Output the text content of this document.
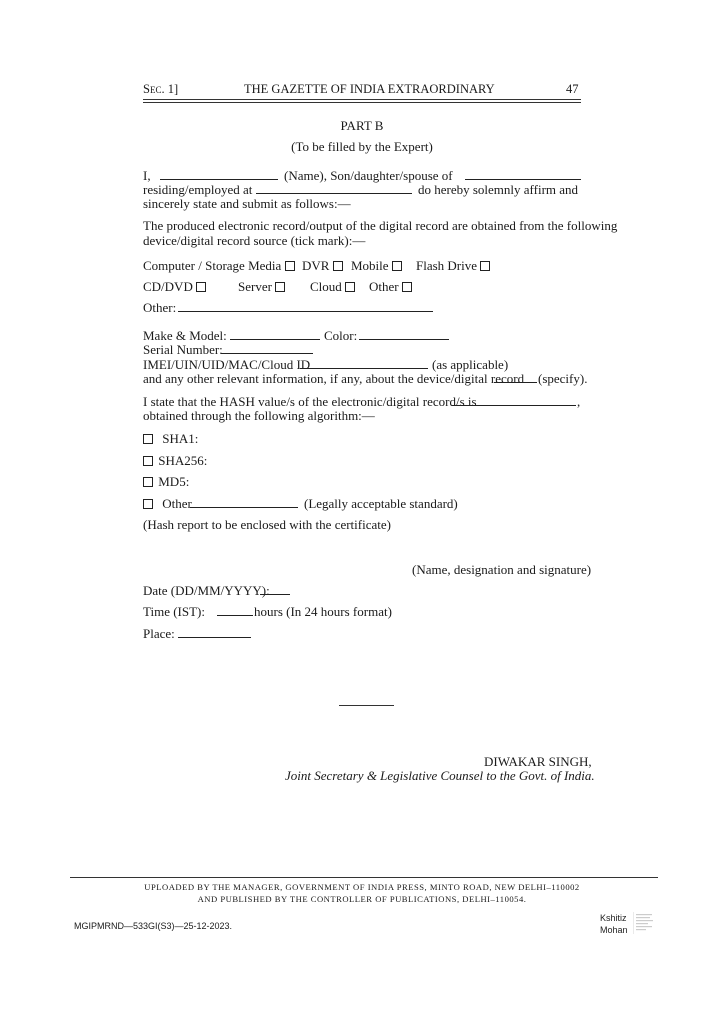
Sec. 1]	THE GAZETTE OF INDIA EXTRAORDINARY	47
PART B
(To be filled by the Expert)
I,	(Name), Son/daughter/spouse of
residing/employed at	do hereby solemnly affirm and
sincerely state and submit as follows:—
The produced electronic record/output of the digital record are obtained from the following
device/digital record source (tick mark):—
Computer / Storage Media	DVR	Mobile	Flash Drive
CD/DVD	Server	Cloud	Other
Other:
Make & Model:	Color:
Serial Number:
IMEI/UIN/UID/MAC/Cloud ID	(as applicable)
and any other relevant information, if any, about the device/digital record (specify).
I state that the HASH value/s of the electronic/digital record/s is	,
obtained through the following algorithm:—
SHA1:
SHA256:
MD5:
Other	(Legally acceptable standard)
(Hash report to be enclosed with the certificate)
(Name, designation and signature)
Date (DD/MM/YYYY):
Time (IST):	hours (In 24 hours format)
Place:
DIWAKAR SINGH,
Joint Secretary & Legislative Counsel to the Govt. of India.
UPLOADED BY THE MANAGER, GOVERNMENT OF INDIA PRESS, MINTO ROAD, NEW DELHI–110002
AND PUBLISHED BY THE CONTROLLER OF PUBLICATIONS, DELHI–110054.
MGIPMRND—533GI(S3)—25-12-2023.
Kshitiz
Mohan
